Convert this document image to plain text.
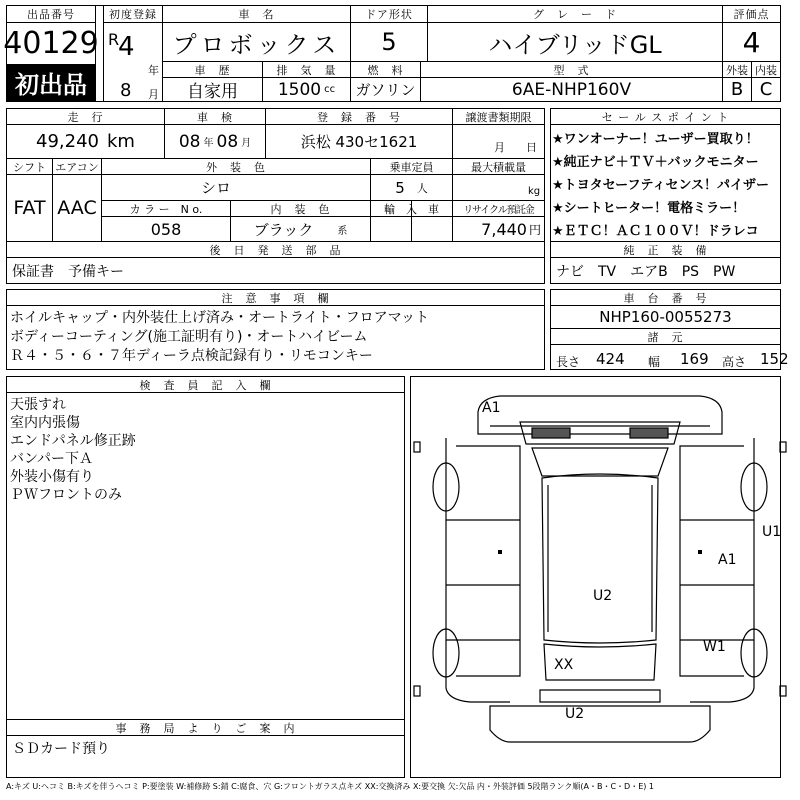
出品番号
40129
初出品
初度登録
R
4
年
8 月
車　名
プロボックス
ドア形状
5
グ　レ　ー　ド
ハイブリッドGL
評価点
4
車　歴
自家用
排　気　量
1500 cc
燃　料
ガソリン
型　式
6AE-NHP160V
外装
B
内装
C
走　行
49,240 km
車　検
08 年 08 月
登　録　番　号
浜松 430セ1621
譲渡書類期限
月 日
シフト
FAT
エアコン
AAC
外　装　色
シロ
乗車定員
5 人
最大積載量
kg
カ ラ ー　N o.
058
内　装　色
ブラック 系
輸　入　車	リサイクル預託金
7,440 円
後　日　発　送　部　品
保証書　予備キー
セ ー ル ス ポ イ ン ト
★ワンオーナー！ユーザー買取り！
★純正ナビ＋ＴＶ＋バックモニター
★トヨタセーフティセンス！パイザー
★シートヒーター！電格ミラー！
★ＥＴＣ！ＡＣ１００Ｖ！ドラレコ
純　正　装　備
ナビ　TV　エアB　PS　PW
注　意　事　項　欄
ホイルキャップ・内外装仕上げ済み・オートライト・フロアマット
ボディーコーティング(施工証明有り)・オートハイビーム
Ｒ４・５・６・７年ディーラ点検記録有り・リモコンキー
車　台　番　号
NHP160-0055273
諸　元
長さ 424 幅 169 高さ 152
検　査　員　記　入　欄
天張すれ
室内内張傷
エンドパネル修正跡
バンパー下Ａ
外装小傷有り
ＰＷフロントのみ
A1
U1
A1
U2
W1
XX
U2
事　務　局　よ　り　ご　案　内
ＳＤカード預り
A:キズ U:ヘコミ B:キズを伴うヘコミ P:要塗装 W:補修跡 S:錆 C:腐食、穴 G:フロントガラス点キズ XX:交換済み X:要交換 欠:欠品 内・外装評価 5段階ランク順(A・B・C・D・E) 1
